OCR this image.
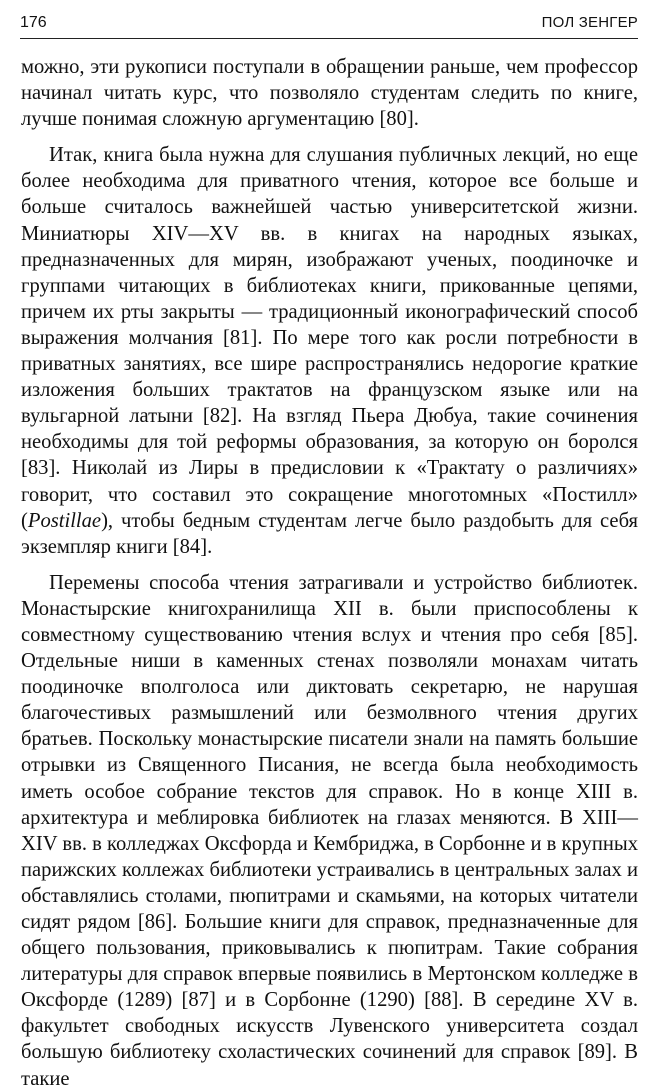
176	ПОЛ ЗЕНГЕР

можно, эти рукописи поступали в обращении раньше, чем профессор начинал читать курс, что позволяло студентам следить по книге, лучше понимая сложную аргументацию [80].

Итак, книга была нужна для слушания публичных лекций, но еще более необходима для приватного чтения, которое все больше и больше считалось важнейшей частью университетской жизни. Миниатюры XIV—XV вв. в книгах на народных языках, предназначенных для мирян, изображают ученых, поодиночке и группами читающих в библиотеках книги, прикованные цепями, причем их рты закрыты — традиционный иконографический способ выражения молчания [81]. По мере того как росли потребности в приватных занятиях, все шире распространялись недорогие краткие изложения больших трактатов на французском языке или на вульгарной латыни [82]. На взгляд Пьера Дюбуа, такие сочинения необходимы для той реформы образования, за которую он боролся [83]. Николай из Лиры в предисловии к «Трактату о различиях» говорит, что составил это сокращение многотомных «Постилл» (Postillae), чтобы бедным студентам легче было раздобыть для себя экземпляр книги [84].

Перемены способа чтения затрагивали и устройство библиотек. Монастырские книгохранилища XII в. были приспособлены к совместному существованию чтения вслух и чтения про себя [85]. Отдельные ниши в каменных стенах позволяли монахам читать поодиночке вполголоса или диктовать секретарю, не нарушая благочестивых размышлений или безмолвного чтения других братьев. Поскольку монастырские писатели знали на память большие отрывки из Священного Писания, не всегда была необходимость иметь особое собрание текстов для справок. Но в конце XIII в. архитектура и меблировка библиотек на глазах меняются. В XIII—XIV вв. в колледжах Оксфорда и Кембриджа, в Сорбонне и в крупных парижских коллежах библиотеки устраивались в центральных залах и обставлялись столами, пюпитрами и скамьями, на которых читатели сидят рядом [86]. Большие книги для справок, предназначенные для общего пользования, приковывались к пюпитрам. Такие собрания литературы для справок впервые появились в Мертонском колледже в Оксфорде (1289) [87] и в Сорбонне (1290) [88]. В середине XV в. факультет свободных искусств Лувенского университета создал большую библиотеку схоластических сочинений для справок [89]. В такие
